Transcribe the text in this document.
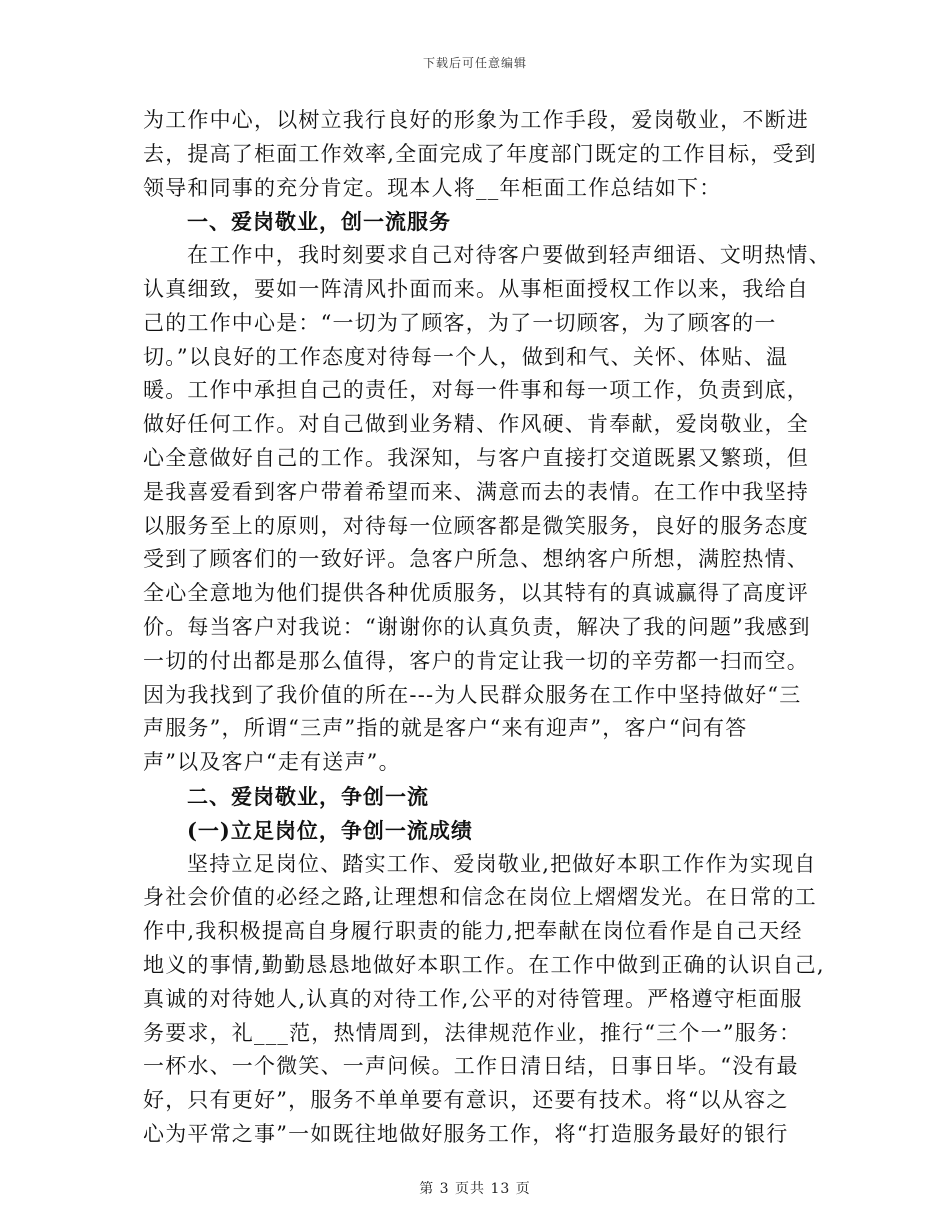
下载后可任意编辑
为工作中心，以树立我行良好的形象为工作手段，爱岗敬业，不断进
去，提高了柜面工作效率,全面完成了年度部门既定的工作目标，受到
领导和同事的充分肯定。现本人将__年柜面工作总结如下：
一、爱岗敬业，创一流服务
在工作中，我时刻要求自己对待客户要做到轻声细语、文明热情、
认真细致，要如一阵清风扑面而来。从事柜面授权工作以来，我给自
己的工作中心是：“一切为了顾客，为了一切顾客，为了顾客的一
切。”以良好的工作态度对待每一个人，做到和气、关怀、体贴、温
暖。工作中承担自己的责任，对每一件事和每一项工作，负责到底，
做好任何工作。对自己做到业务精、作风硬、肯奉献，爱岗敬业，全
心全意做好自己的工作。我深知，与客户直接打交道既累又繁琐，但
是我喜爱看到客户带着希望而来、满意而去的表情。在工作中我坚持
以服务至上的原则，对待每一位顾客都是微笑服务，良好的服务态度
受到了顾客们的一致好评。急客户所急、想纳客户所想，满腔热情、
全心全意地为他们提供各种优质服务，以其特有的真诚赢得了高度评
价。每当客户对我说：“谢谢你的认真负责，解决了我的问题”我感到
一切的付出都是那么值得，客户的肯定让我一切的辛劳都一扫而空。
因为我找到了我价值的所在---为人民群众服务在工作中坚持做好“三
声服务”，所谓“三声”指的就是客户“来有迎声”，客户“问有答
声”以及客户“走有送声”。
二、爱岗敬业，争创一流
(一)立足岗位，争创一流成绩
坚持立足岗位、踏实工作、爱岗敬业,把做好本职工作作为实现自
身社会价值的必经之路,让理想和信念在岗位上熠熠发光。在日常的工
作中,我积极提高自身履行职责的能力,把奉献在岗位看作是自己天经
地义的事情,勤勤恳恳地做好本职工作。在工作中做到正确的认识自己,
真诚的对待她人,认真的对待工作,公平的对待管理。严格遵守柜面服
务要求，礼___范，热情周到，法律规范作业，推行“三个一”服务：
一杯水、一个微笑、一声问候。工作日清日结，日事日毕。“没有最
好，只有更好”，服务不单单要有意识，还要有技术。将“以从容之
心为平常之事”一如既往地做好服务工作，将“打造服务最好的银行
第 3 页共 13 页
